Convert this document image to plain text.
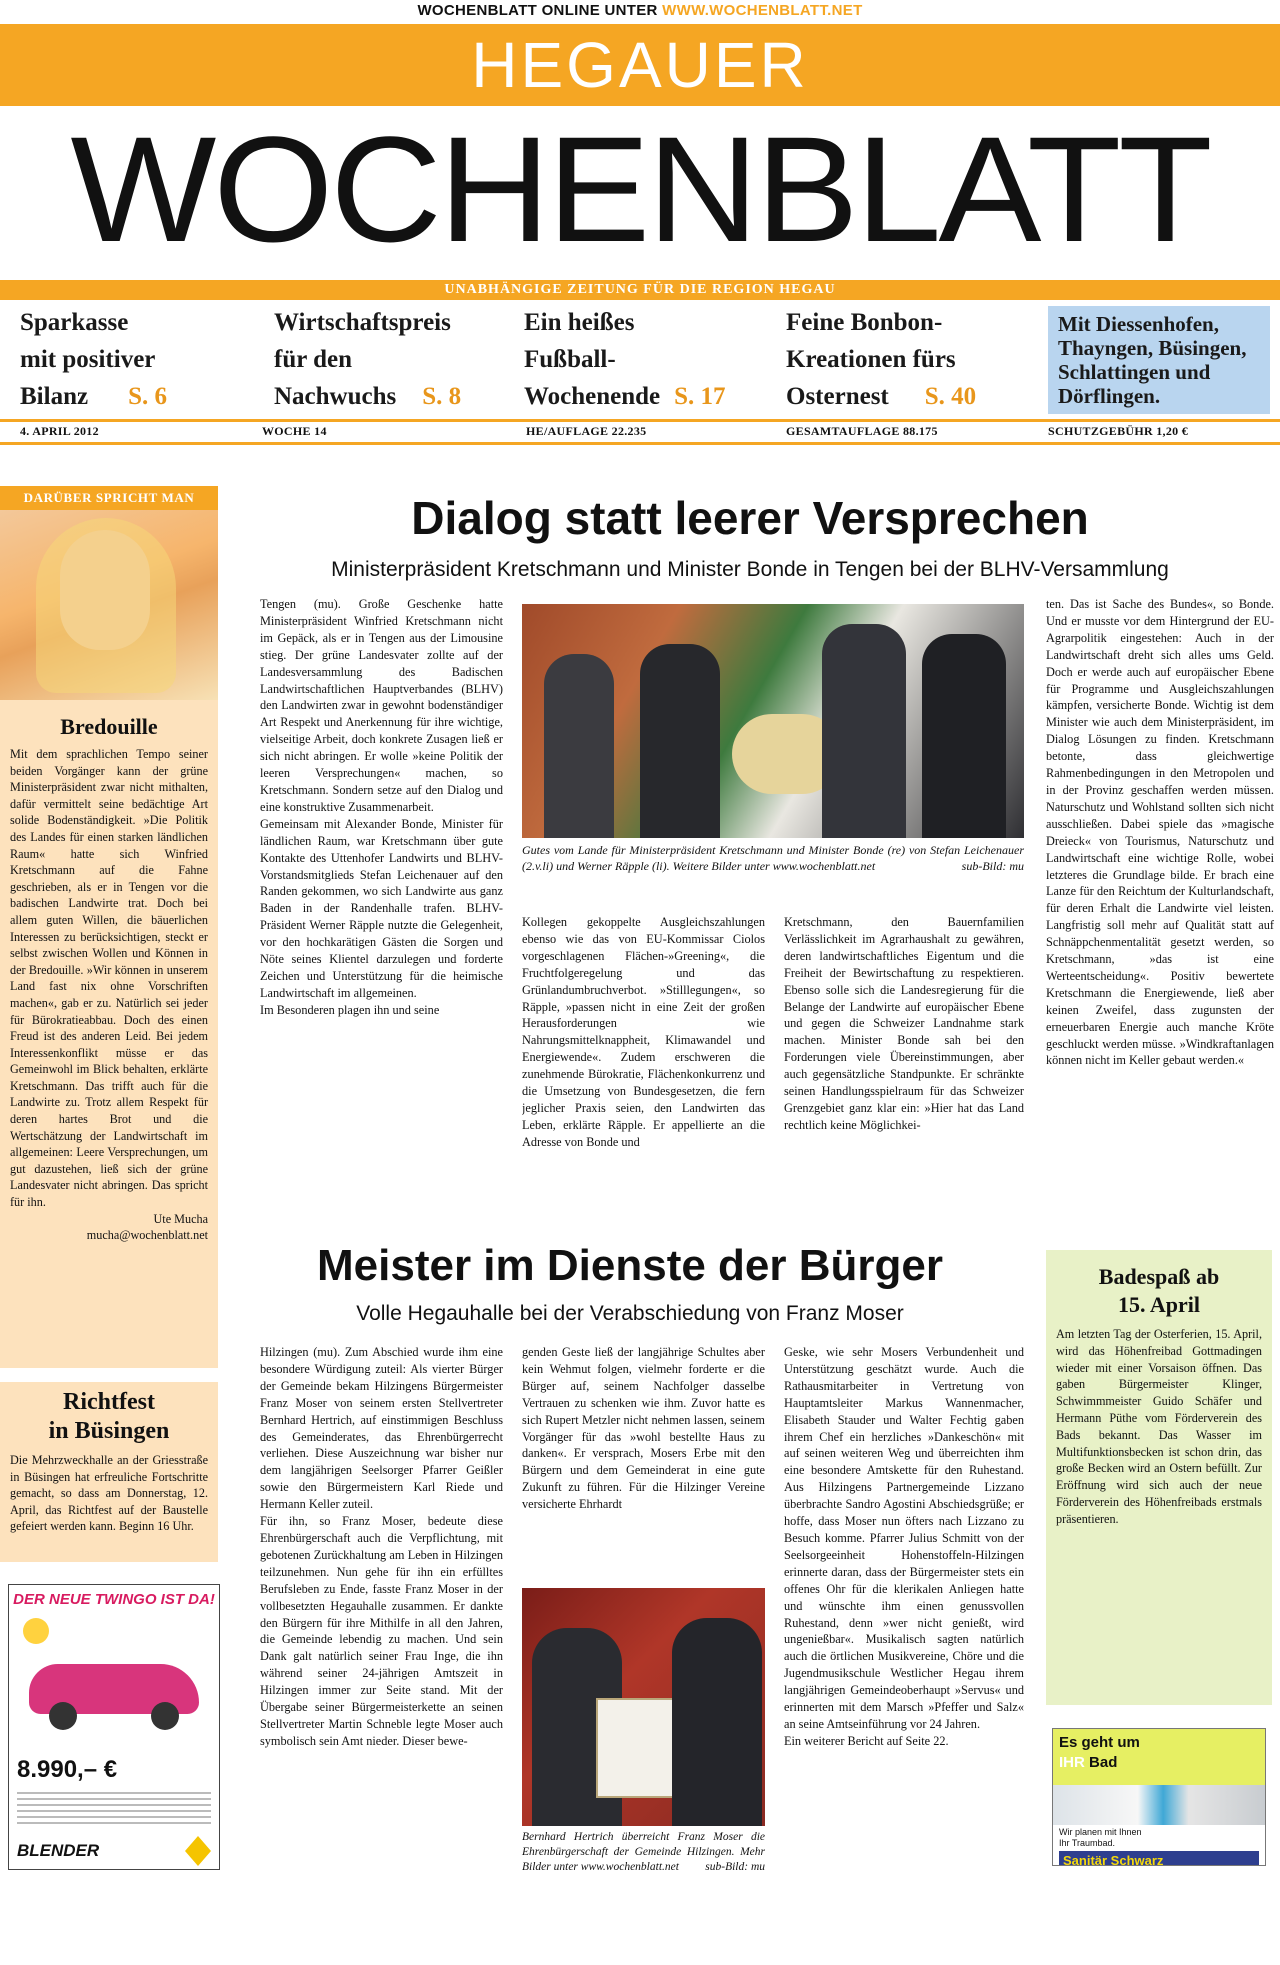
WOCHENBLATT ONLINE UNTER WWW.WOCHENBLATT.NET
HEGAUER
WOCHENBLATT
UNABHÄNGIGE ZEITUNG FÜR DIE REGION HEGAU
Sparkasse
mit positiver
Bilanz S. 6
Wirtschaftspreis
für den
Nachwuchs S. 8
Ein heißes
Fußball-
Wochenende S. 17
Feine Bonbon-
Kreationen fürs
Osternest S. 40
Mit Diessenhofen, Thayngen, Büsingen, Schlattingen und Dörflingen.
4. APRIL 2012	WOCHE 14	HE/AUFLAGE 22.235	GESAMTAUFLAGE 88.175	SCHUTZGEBÜHR 1,20 €
DARÜBER SPRICHT MAN
Bredouille
Mit dem sprachlichen Tempo seiner beiden Vorgänger kann der grüne Ministerpräsident zwar nicht mithalten, dafür vermittelt seine bedächtige Art solide Bodenständigkeit. »Die Politik des Landes für einen starken ländlichen Raum« hatte sich Winfried Kretschmann auf die Fahne geschrieben, als er in Tengen vor die badischen Landwirte trat. Doch bei allem guten Willen, die bäuerlichen Interessen zu berücksichtigen, steckt er selbst zwischen Wollen und Können in der Bredouille. »Wir können in unserem Land fast nix ohne Vorschriften machen«, gab er zu. Natürlich sei jeder für Bürokratieabbau. Doch des einen Freud ist des anderen Leid. Bei jedem Interessenkonflikt müsse er das Gemeinwohl im Blick behalten, erklärte Kretschmann. Das trifft auch für die Landwirte zu. Trotz allem Respekt für deren hartes Brot und die Wertschätzung der Landwirtschaft im allgemeinen: Leere Versprechungen, um gut dazustehen, ließ sich der grüne Landesvater nicht abringen. Das spricht für ihn.
Ute Mucha
mucha@wochenblatt.net
Richtfest
in Büsingen
Die Mehrzweckhalle an der Griesstraße in Büsingen hat erfreuliche Fortschritte gemacht, so dass am Donnerstag, 12. April, das Richtfest auf der Baustelle gefeiert werden kann. Beginn 16 Uhr.
DER NEUE TWINGO IST DA!
8.990,– €
BLENDER
Dialog statt leerer Versprechen
Ministerpräsident Kretschmann und Minister Bonde in Tengen bei der BLHV-Versammlung

Tengen (mu). Große Geschenke hatte Ministerpräsident Winfried Kretschmann nicht im Gepäck, als er in Tengen aus der Limousine stieg. Der grüne Landesvater zollte auf der Landesversammlung des Badischen Landwirtschaftlichen Hauptverbandes (BLHV) den Landwirten zwar in gewohnt bodenständiger Art Respekt und Anerkennung für ihre wichtige, vielseitige Arbeit, doch konkrete Zusagen ließ er sich nicht abringen. Er wolle »keine Politik der leeren Versprechungen« machen, so Kretschmann. Sondern setze auf den Dialog und eine konstruktive Zusammenarbeit.

Gemeinsam mit Alexander Bonde, Minister für ländlichen Raum, war Kretschmann über gute Kontakte des Uttenhofer Landwirts und BLHV-Vorstandsmitglieds Stefan Leichenauer auf den Randen gekommen, wo sich Landwirte aus ganz Baden in der Randenhalle trafen. BLHV-Präsident Werner Räpple nutzte die Gelegenheit, vor den hochkarätigen Gästen die Sorgen und Nöte seines Klientel darzulegen und forderte Zeichen und Unterstützung für die heimische Landwirtschaft im allgemeinen.

Im Besonderen plagen ihn und seine

Gutes vom Lande für Ministerpräsident Kretschmann und Minister Bonde (re) von Stefan Leichenauer (2.v.li) und Werner Räpple (li). Weitere Bilder unter www.wochenblatt.net	sub-Bild: mu

Kollegen gekoppelte Ausgleichszahlungen ebenso wie das von EU-Kommissar Ciolos vorgeschlagenen Flächen-»Greening«, die Fruchtfolgeregelung und das Grünlandumbruchverbot. »Stilllegungen«, so Räpple, »passen nicht in eine Zeit der großen Herausforderungen wie Nahrungsmittelknappheit, Klimawandel und Energiewende«. Zudem erschweren die zunehmende Bürokratie, Flächenkonkurrenz und die Umsetzung von Bundesgesetzen, die fern jeglicher Praxis seien, den Landwirten das Leben, erklärte Räpple. Er appellierte an die Adresse von Bonde und

Kretschmann, den Bauernfamilien Verlässlichkeit im Agrarhaushalt zu gewähren, deren landwirtschaftliches Eigentum und die Freiheit der Bewirtschaftung zu respektieren. Ebenso solle sich die Landesregierung für die Belange der Landwirte auf europäischer Ebene und gegen die Schweizer Landnahme stark machen. Minister Bonde sah bei den Forderungen viele Übereinstimmungen, aber auch gegensätzliche Standpunkte. Er schränkte seinen Handlungsspielraum für das Schweizer Grenzgebiet ganz klar ein: »Hier hat das Land rechtlich keine Möglichkei-

ten. Das ist Sache des Bundes«, so Bonde. Und er musste vor dem Hintergrund der EU-Agrarpolitik eingestehen: Auch in der Landwirtschaft dreht sich alles ums Geld. Doch er werde auch auf europäischer Ebene für Programme und Ausgleichszahlungen kämpfen, versicherte Bonde. Wichtig ist dem Minister wie auch dem Ministerpräsident, im Dialog Lösungen zu finden. Kretschmann betonte, dass gleichwertige Rahmenbedingungen in den Metropolen und in der Provinz geschaffen werden müssen. Naturschutz und Wohlstand sollten sich nicht ausschließen. Dabei spiele das »magische Dreieck« von Tourismus, Naturschutz und Landwirtschaft eine wichtige Rolle, wobei letzteres die Grundlage bilde. Er brach eine Lanze für den Reichtum der Kulturlandschaft, für deren Erhalt die Landwirte viel leisten. Langfristig soll mehr auf Qualität statt auf Schnäppchenmentalität gesetzt werden, so Kretschmann, »das ist eine Werteentscheidung«. Positiv bewertete Kretschmann die Energiewende, ließ aber keinen Zweifel, dass zugunsten der erneuerbaren Energie auch manche Kröte geschluckt werden müsse. »Windkraftanlagen können nicht im Keller gebaut werden.«

Meister im Dienste der Bürger
Volle Hegauhalle bei der Verabschiedung von Franz Moser

Hilzingen (mu). Zum Abschied wurde ihm eine besondere Würdigung zuteil: Als vierter Bürger der Gemeinde bekam Hilzingens Bürgermeister Franz Moser von seinem ersten Stellvertreter Bernhard Hertrich, auf einstimmigen Beschluss des Gemeinderates, das Ehrenbürgerrecht verliehen. Diese Auszeichnung war bisher nur dem langjährigen Seelsorger Pfarrer Geißler sowie den Bürgermeistern Karl Riede und Hermann Keller zuteil.

Für ihn, so Franz Moser, bedeute diese Ehrenbürgerschaft auch die Verpflichtung, mit gebotenen Zurückhaltung am Leben in Hilzingen teilzunehmen. Nun gehe für ihn ein erfülltes Berufsleben zu Ende, fasste Franz Moser in der vollbesetzten Hegauhalle zusammen. Er dankte den Bürgern für ihre Mithilfe in all den Jahren, die Gemeinde lebendig zu machen. Und sein Dank galt natürlich seiner Frau Inge, die ihn während seiner 24-jährigen Amtszeit in Hilzingen immer zur Seite stand. Mit der Übergabe seiner Bürgermeisterkette an seinen Stellvertreter Martin Schneble legte Moser auch symbolisch sein Amt nieder. Dieser bewe-

genden Geste ließ der langjährige Schultes aber kein Wehmut folgen, vielmehr forderte er die Bürger auf, seinem Nachfolger dasselbe Vertrauen zu schenken wie ihm. Zuvor hatte es sich Rupert Metzler nicht nehmen lassen, seinem Vorgänger für das »wohl bestellte Haus zu danken«. Er versprach, Mosers Erbe mit den Bürgern und dem Gemeinderat in eine gute Zukunft zu führen. Für die Hilzinger Vereine versicherte Ehrhardt

Bernhard Hertrich überreicht Franz Moser die Ehrenbürgerschaft der Gemeinde Hilzingen. Mehr Bilder unter www.wochenblatt.net sub-Bild: mu

Geske, wie sehr Mosers Verbundenheit und Unterstützung geschätzt wurde. Auch die Rathausmitarbeiter in Vertretung von Hauptamtsleiter Markus Wannenmacher, Elisabeth Stauder und Walter Fechtig gaben ihrem Chef ein herzliches »Dankeschön« mit auf seinen weiteren Weg und überreichten ihm eine besondere Amtskette für den Ruhestand. Aus Hilzingens Partnergemeinde Lizzano überbrachte Sandro Agostini Abschiedsgrüße; er hoffe, dass Moser nun öfters nach Lizzano zu Besuch komme. Pfarrer Julius Schmitt von der Seelsorgeeinheit Hohenstoffeln-Hilzingen erinnerte daran, dass der Bürgermeister stets ein offenes Ohr für die klerikalen Anliegen hatte und wünschte ihm einen genussvollen Ruhestand, denn »wer nicht genießt, wird ungenießbar«. Musikalisch sagten natürlich auch die örtlichen Musikvereine, Chöre und die Jugendmusikschule Westlicher Hegau ihrem langjährigen Gemeindeoberhaupt »Servus« und erinnerten mit dem Marsch »Pfeffer und Salz« an seine Amtseinführung vor 24 Jahren.

Ein weiterer Bericht auf Seite 22.

Badespaß ab
15. April
Am letzten Tag der Osterferien, 15. April, wird das Höhenfreibad Gottmadingen wieder mit einer Vorsaison öffnen. Das gaben Bürgermeister Klinger, Schwimmmeister Guido Schäfer und Hermann Püthe vom Förderverein des Bads bekannt. Das Wasser im Multifunktionsbecken ist schon drin, das große Becken wird an Ostern befüllt. Zur Eröffnung wird sich auch der neue Förderverein des Höhenfreibads erstmals präsentieren.
Es geht um
IHR Bad
Wir planen mit Ihnen
Ihr Traumbad.
Sanitär Schwarz
